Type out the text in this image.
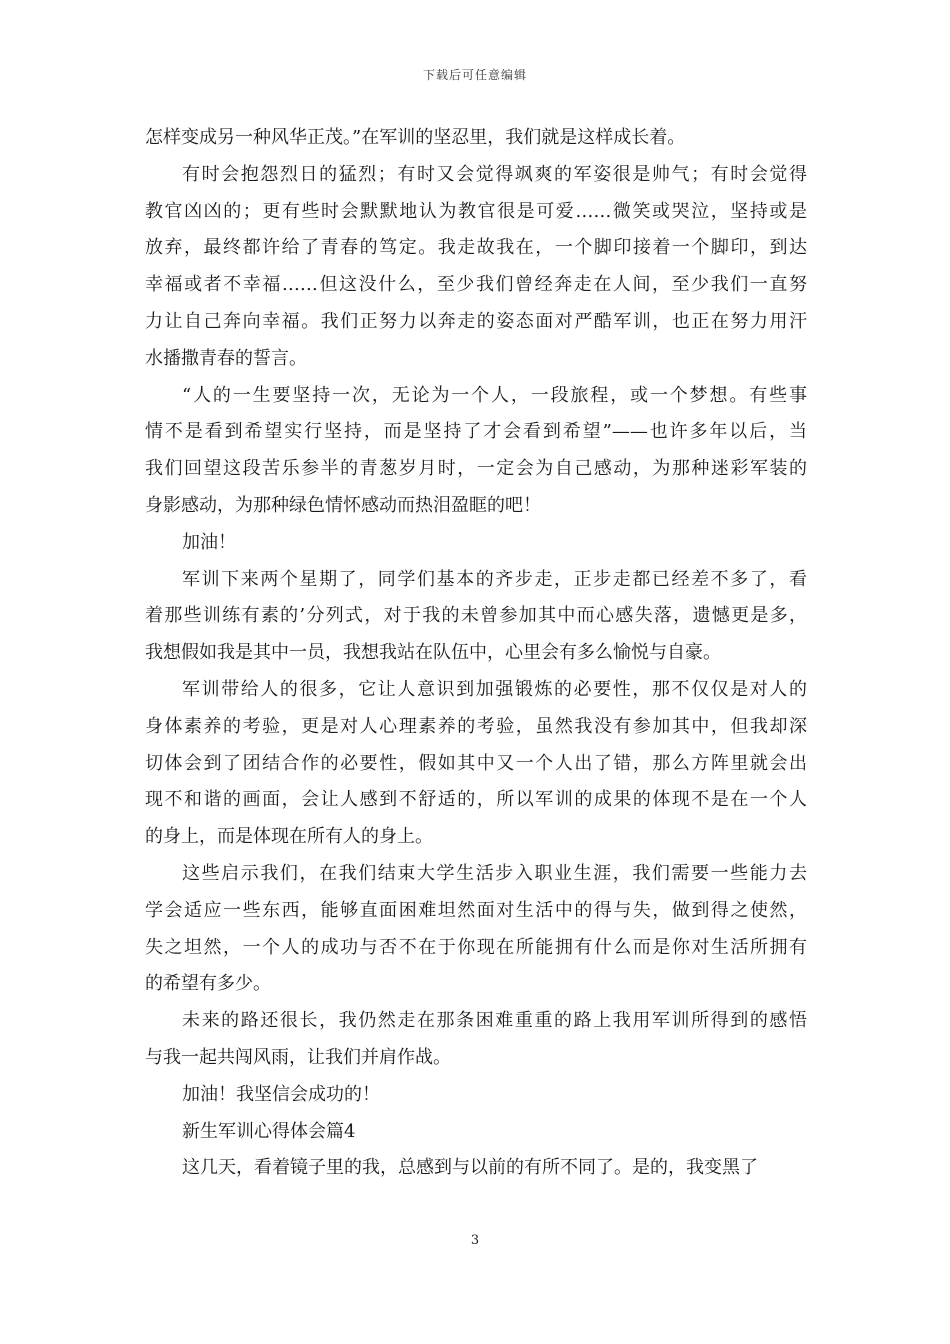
下载后可任意编辑
怎样变成另一种风华正茂。”在军训的坚忍里，我们就是这样成长着。
有时会抱怨烈日的猛烈；有时又会觉得飒爽的军姿很是帅气；有时会觉得
教官凶凶的；更有些时会默默地认为教官很是可爱……微笑或哭泣，坚持或是
放弃，最终都许给了青春的笃定。我走故我在，一个脚印接着一个脚印，到达
幸福或者不幸福……但这没什么，至少我们曾经奔走在人间，至少我们一直努
力让自己奔向幸福。我们正努力以奔走的姿态面对严酷军训，也正在努力用汗
水播撒青春的誓言。
“人的一生要坚持一次，无论为一个人，一段旅程，或一个梦想。有些事
情不是看到希望实行坚持，而是坚持了才会看到希望”——也许多年以后，当
我们回望这段苦乐参半的青葱岁月时，一定会为自己感动，为那种迷彩军装的
身影感动，为那种绿色情怀感动而热泪盈眶的吧！
加油！
军训下来两个星期了，同学们基本的齐步走，正步走都已经差不多了，看
着那些训练有素的’分列式，对于我的未曾参加其中而心感失落，遗憾更是多，
我想假如我是其中一员，我想我站在队伍中，心里会有多么愉悦与自豪。
军训带给人的很多，它让人意识到加强锻炼的必要性，那不仅仅是对人的
身体素养的考验，更是对人心理素养的考验，虽然我没有参加其中，但我却深
切体会到了团结合作的必要性，假如其中又一个人出了错，那么方阵里就会出
现不和谐的画面，会让人感到不舒适的，所以军训的成果的体现不是在一个人
的身上，而是体现在所有人的身上。
这些启示我们，在我们结束大学生活步入职业生涯，我们需要一些能力去
学会适应一些东西，能够直面困难坦然面对生活中的得与失，做到得之使然，
失之坦然，一个人的成功与否不在于你现在所能拥有什么而是你对生活所拥有
的希望有多少。
未来的路还很长，我仍然走在那条困难重重的路上我用军训所得到的感悟
与我一起共闯风雨，让我们并肩作战。
加油！我坚信会成功的！
新生军训心得体会篇4
这几天，看着镜子里的我，总感到与以前的有所不同了。是的，我变黑了
3
